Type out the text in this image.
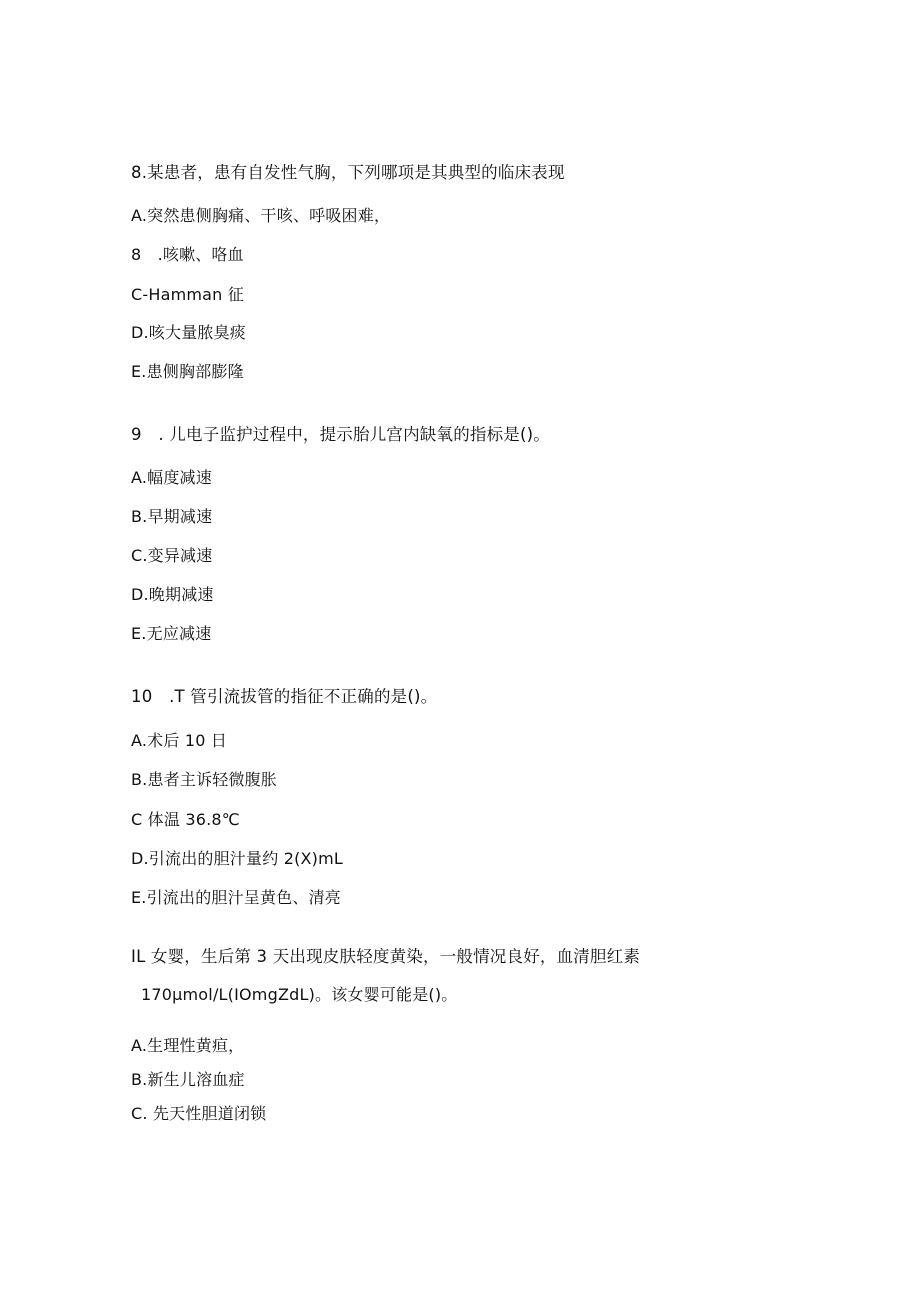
8.某患者，患有自发性气胸，下列哪项是其典型的临床表现
A.突然患侧胸痛、干咳、呼吸困难，
8　.咳嗽、咯血
C-Hamman 征
D.咳大量脓臭痰
E.患侧胸部膨隆
9　. 儿电子监护过程中，提示胎儿宫内缺氧的指标是()。
A.幅度减速
B.早期减速
C.变异减速
D.晚期减速
E.无应减速
10　.T 管引流拔管的指征不正确的是()。
A.术后 10 日
B.患者主诉轻微腹胀
C 体温 36.8℃
D.引流出的胆汁量约 2(X)mL
E.引流出的胆汁呈黄色、清亮
IL 女婴，生后第 3 天出现皮肤轻度黄染，一般情况良好，血清胆红素
170μmol∕L(IOmgZdL)。该女婴可能是()。
A.生理性黄疸，
B.新生儿溶血症
C. 先天性胆道闭锁
